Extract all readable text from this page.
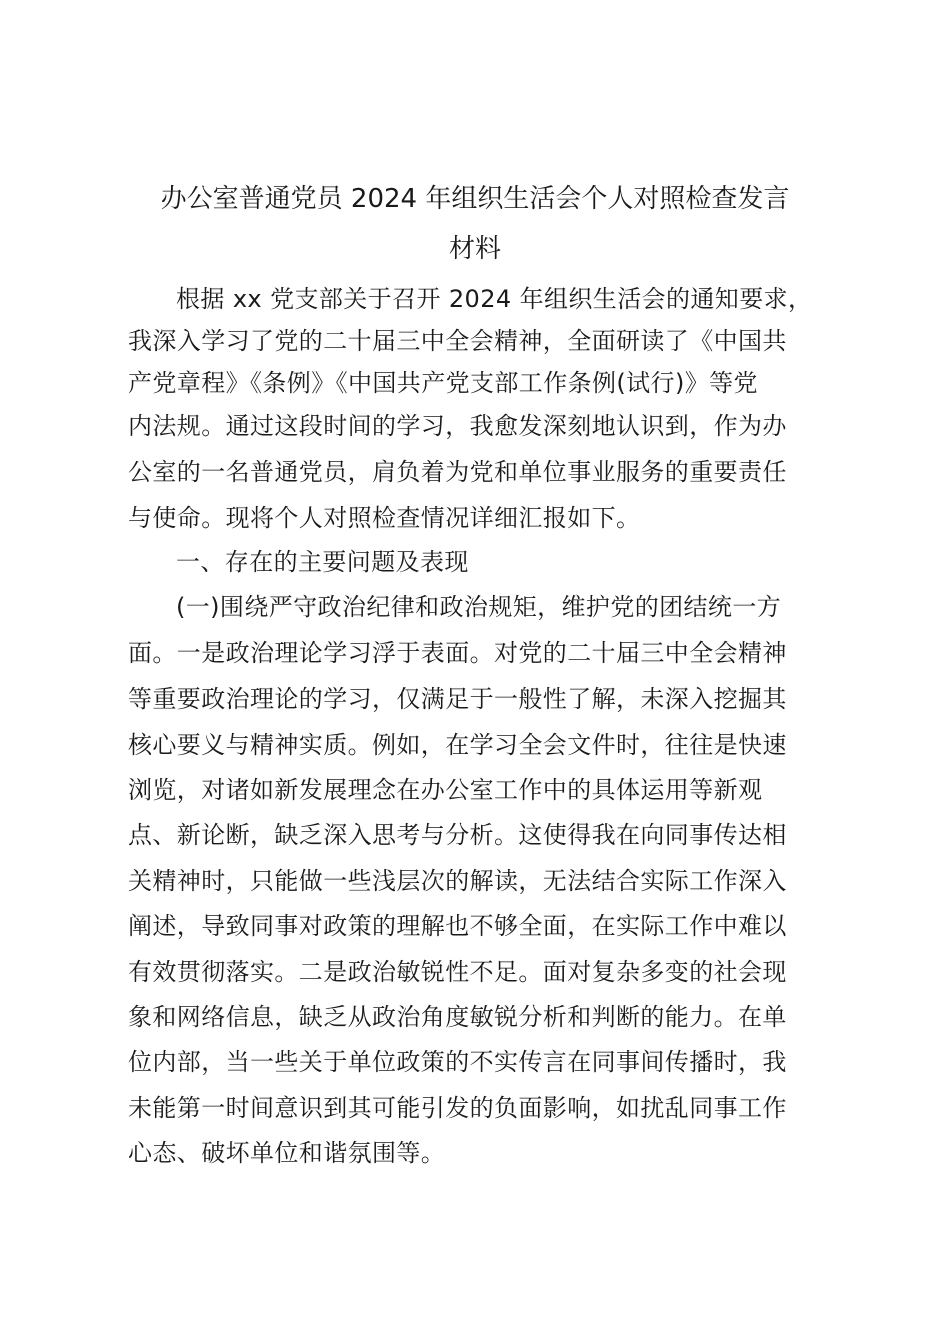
办公室普通党员 2024 年组织生活会个人对照检查发言
材料
根据 xx 党支部关于召开 2024 年组织生活会的通知要求，
我深入学习了党的二十届三中全会精神，全面研读了《中国共
产党章程》《条例》《中国共产党支部工作条例(试行)》等党
内法规。通过这段时间的学习，我愈发深刻地认识到，作为办
公室的一名普通党员，肩负着为党和单位事业服务的重要责任
与使命。现将个人对照检查情况详细汇报如下。
一、存在的主要问题及表现
(一)围绕严守政治纪律和政治规矩，维护党的团结统一方
面。一是政治理论学习浮于表面。对党的二十届三中全会精神
等重要政治理论的学习，仅满足于一般性了解，未深入挖掘其
核心要义与精神实质。例如，在学习全会文件时，往往是快速
浏览，对诸如新发展理念在办公室工作中的具体运用等新观
点、新论断，缺乏深入思考与分析。这使得我在向同事传达相
关精神时，只能做一些浅层次的解读，无法结合实际工作深入
阐述，导致同事对政策的理解也不够全面，在实际工作中难以
有效贯彻落实。二是政治敏锐性不足。面对复杂多变的社会现
象和网络信息，缺乏从政治角度敏锐分析和判断的能力。在单
位内部，当一些关于单位政策的不实传言在同事间传播时，我
未能第一时间意识到其可能引发的负面影响，如扰乱同事工作
心态、破坏单位和谐氛围等。
